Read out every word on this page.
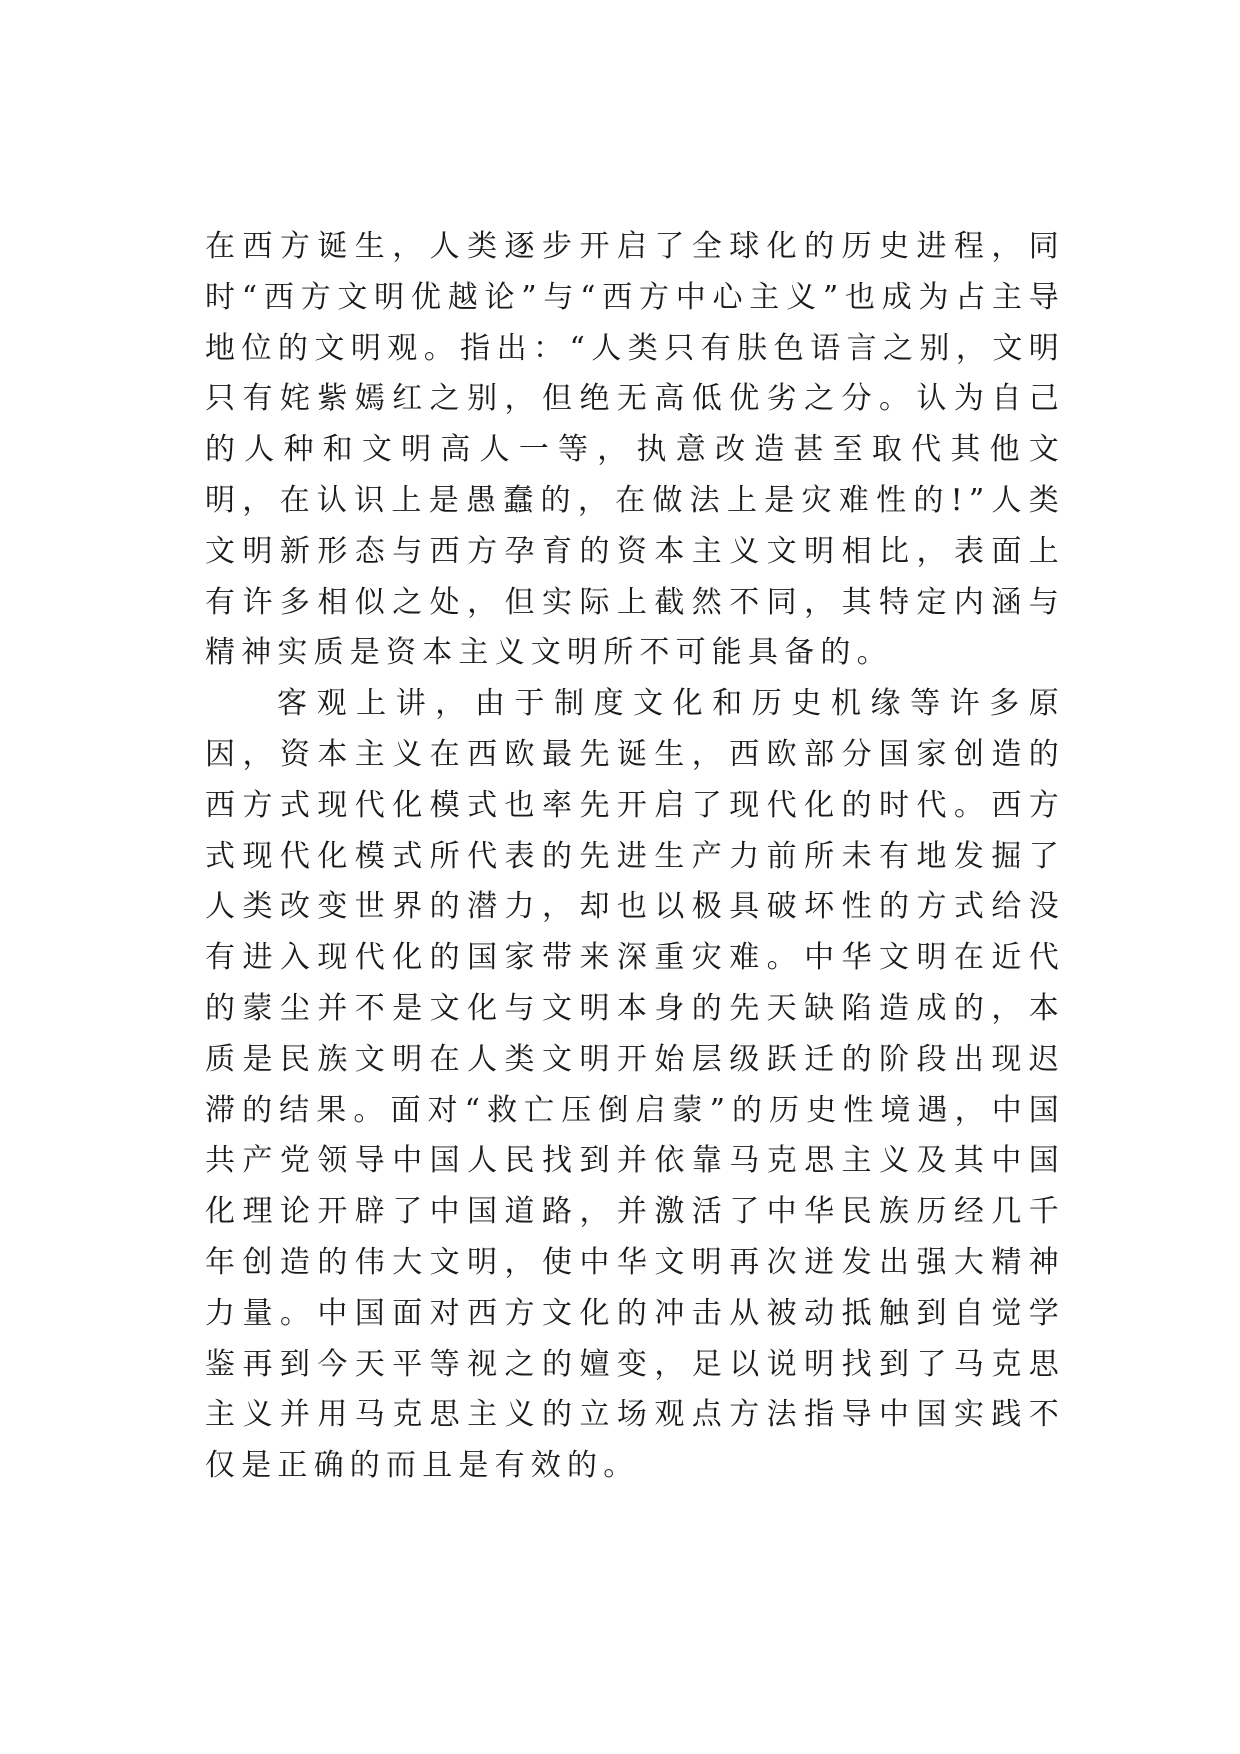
在西方诞生，人类逐步开启了全球化的历史进程，同时“西方文明优越论”与“西方中心主义”也成为占主导地位的文明观。指出：“人类只有肤色语言之别，文明只有姹紫嫣红之别，但绝无高低优劣之分。认为自己的人种和文明高人一等，执意改造甚至取代其他文明，在认识上是愚蠢的，在做法上是灾难性的!”人类文明新形态与西方孕育的资本主义文明相比，表面上有许多相似之处，但实际上截然不同，其特定内涵与精神实质是资本主义文明所不可能具备的。

客观上讲，由于制度文化和历史机缘等许多原因，资本主义在西欧最先诞生，西欧部分国家创造的西方式现代化模式也率先开启了现代化的时代。西方式现代化模式所代表的先进生产力前所未有地发掘了人类改变世界的潜力，却也以极具破坏性的方式给没有进入现代化的国家带来深重灾难。中华文明在近代的蒙尘并不是文化与文明本身的先天缺陷造成的，本质是民族文明在人类文明开始层级跃迁的阶段出现迟滞的结果。面对“救亡压倒启蒙”的历史性境遇，中国共产党领导中国人民找到并依靠马克思主义及其中国化理论开辟了中国道路，并激活了中华民族历经几千年创造的伟大文明，使中华文明再次迸发出强大精神力量。中国面对西方文化的冲击从被动抵触到自觉学鉴再到今天平等视之的嬗变，足以说明找到了马克思主义并用马克思主义的立场观点方法指导中国实践不仅是正确的而且是有效的。
